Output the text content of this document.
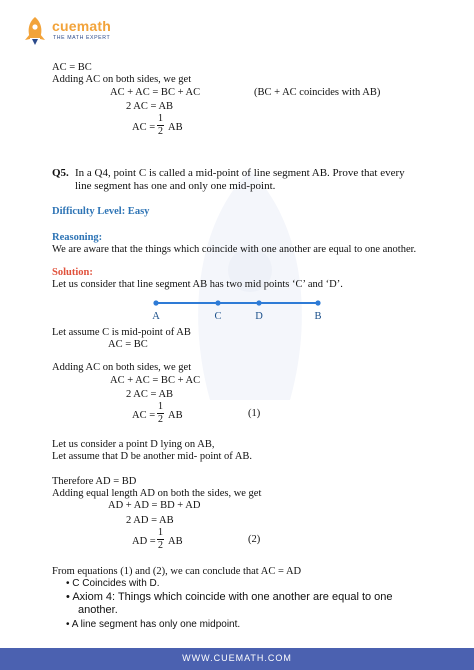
cuemath
THE MATH EXPERT
AC = BC
Adding AC on both sides, we get
AC + AC = BC + AC	(BC + AC coincides with AB)
2 AC = AB
AC =
1
2 AB
Q5. In a Q4, point C is called a mid-point of line segment AB. Prove that every
line segment has one and only one mid-point.
Difficulty Level: Easy
Reasoning:
We are aware that the things which coincide with one another are equal to one another.
Solution:
Let us consider that line segment AB has two mid points ‘C’ and ‘D’.
A	C	D	B
Let assume C is mid-point of AB
AC = BC
Adding AC on both sides, we get
AC + AC = BC + AC
2 AC = AB
AC =
1
2 AB	(1)
Let us consider a point D lying on AB,
Let assume that D be another mid- point of AB.
Therefore AD = BD
Adding equal length AD on both the sides, we get
AD + AD = BD + AD
2 AD = AB
AD =
1
2 AB	(2)
From equations (1) and (2), we can conclude that AC = AD
• C Coincides with D.
• Axiom 4: Things which coincide with one another are equal to one
another.
• A line segment has only one midpoint.
WWW.CUEMATH.COM
